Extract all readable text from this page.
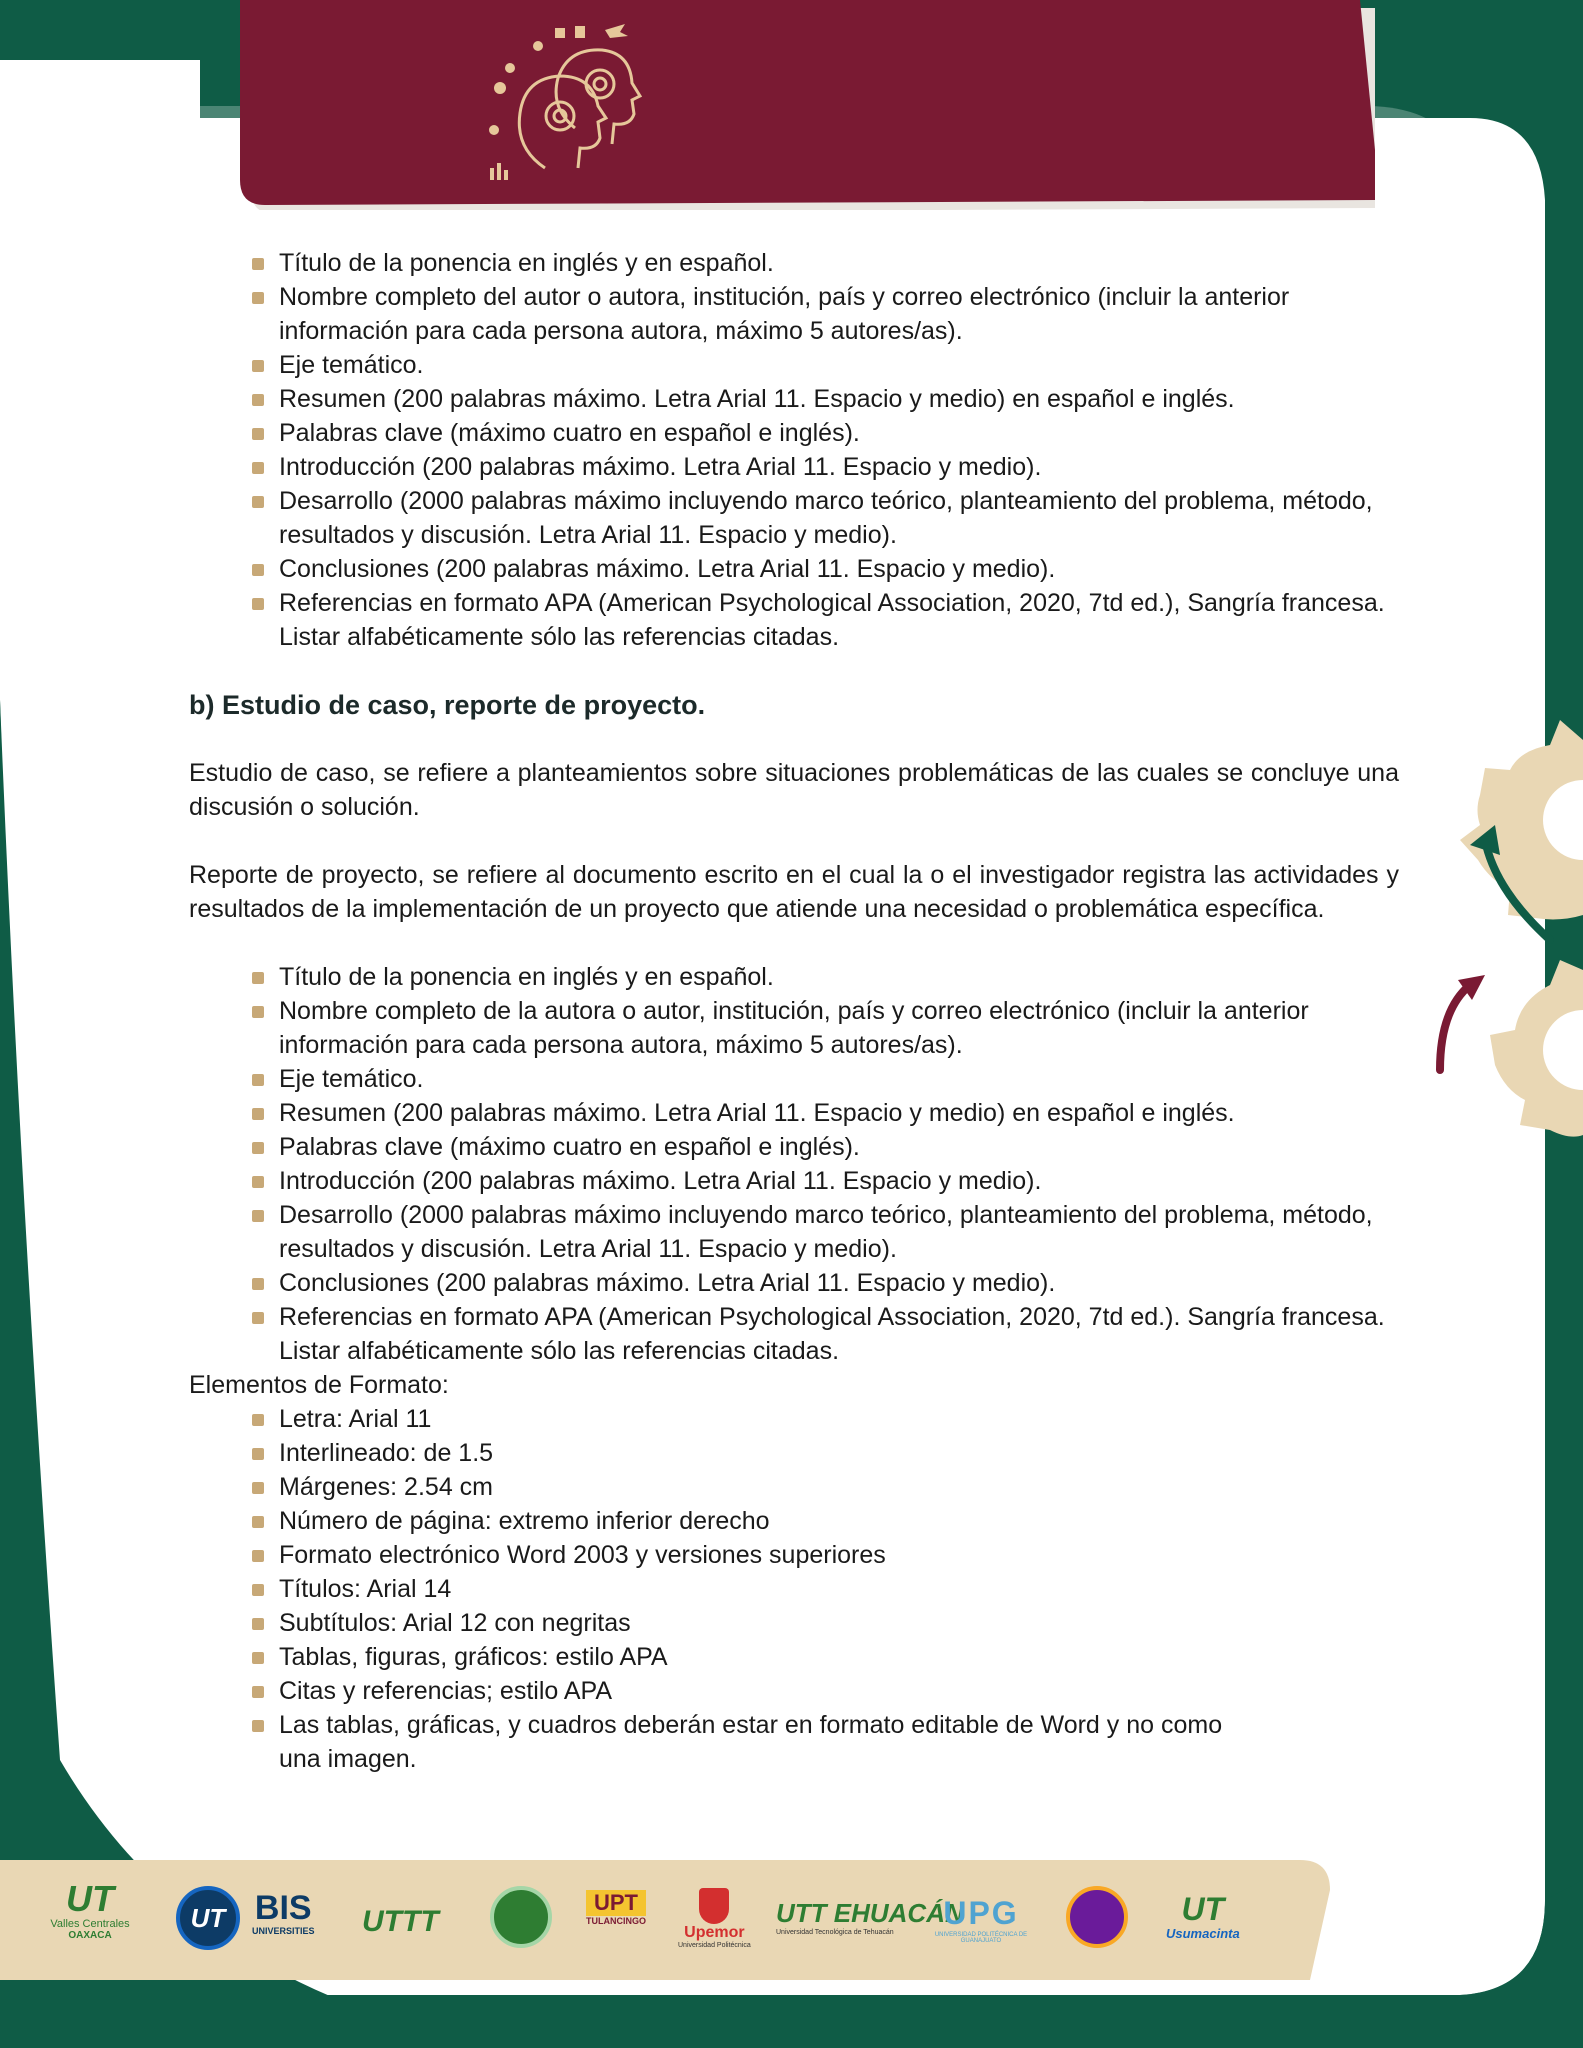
Título de la ponencia en inglés y en español.
Nombre completo del autor o autora, institución, país y correo electrónico (incluir la anterior información para cada persona autora, máximo 5 autores/as).
Eje temático.
Resumen (200 palabras máximo. Letra Arial 11. Espacio y medio) en español e inglés.
Palabras clave (máximo cuatro en español e inglés).
Introducción (200 palabras máximo. Letra Arial 11. Espacio y medio).
Desarrollo (2000 palabras máximo incluyendo marco teórico, planteamiento del problema, método, resultados y discusión. Letra Arial 11. Espacio y medio).
Conclusiones (200 palabras máximo. Letra Arial 11. Espacio y medio).
Referencias en formato APA (American Psychological Association, 2020, 7td ed.), Sangría francesa. Listar alfabéticamente sólo las referencias citadas.
b) Estudio de caso, reporte de proyecto.

Estudio de caso, se refiere a planteamientos sobre situaciones problemáticas de las cuales se concluye una discusión o solución.

Reporte de proyecto, se refiere al documento escrito en el cual la o el investigador registra las actividades y resultados de la implementación de un proyecto que atiende una necesidad o problemática específica.

Título de la ponencia en inglés y en español.
Nombre completo de la autora o autor, institución, país y correo electrónico (incluir la anterior información para cada persona autora, máximo 5 autores/as).
Eje temático.
Resumen (200 palabras máximo. Letra Arial 11. Espacio y medio) en español e inglés.
Palabras clave (máximo cuatro en español e inglés).
Introducción (200 palabras máximo. Letra Arial 11. Espacio y medio).
Desarrollo (2000 palabras máximo incluyendo marco teórico, planteamiento del problema, método, resultados y discusión. Letra Arial 11. Espacio y medio).
Conclusiones (200 palabras máximo. Letra Arial 11. Espacio y medio).
Referencias en formato APA (American Psychological Association, 2020, 7td ed.). Sangría francesa. Listar alfabéticamente sólo las referencias citadas.
Elementos de Formato:
Letra: Arial 11
Interlineado: de 1.5
Márgenes: 2.54 cm
Número de página: extremo inferior derecho
Formato electrónico Word 2003 y versiones superiores
Títulos: Arial 14
Subtítulos: Arial 12 con negritas
Tablas, figuras, gráficos: estilo APA
Citas y referencias; estilo APA
Las tablas, gráficas, y cuadros deberán estar en formato editable de Word y no como una imagen.
UT
Valles Centrales
OAXACA
UT BIS
UNIVERSITIES UTTT
UPT
TULANCINGO
Upemor
Universidad Politécnica
UTT EHUACÁN
Universidad Tecnológica de Tehuacán
UPG
UNIVERSIDAD POLITÉCNICA DE GUANAJUATO
UT
Usumacinta
